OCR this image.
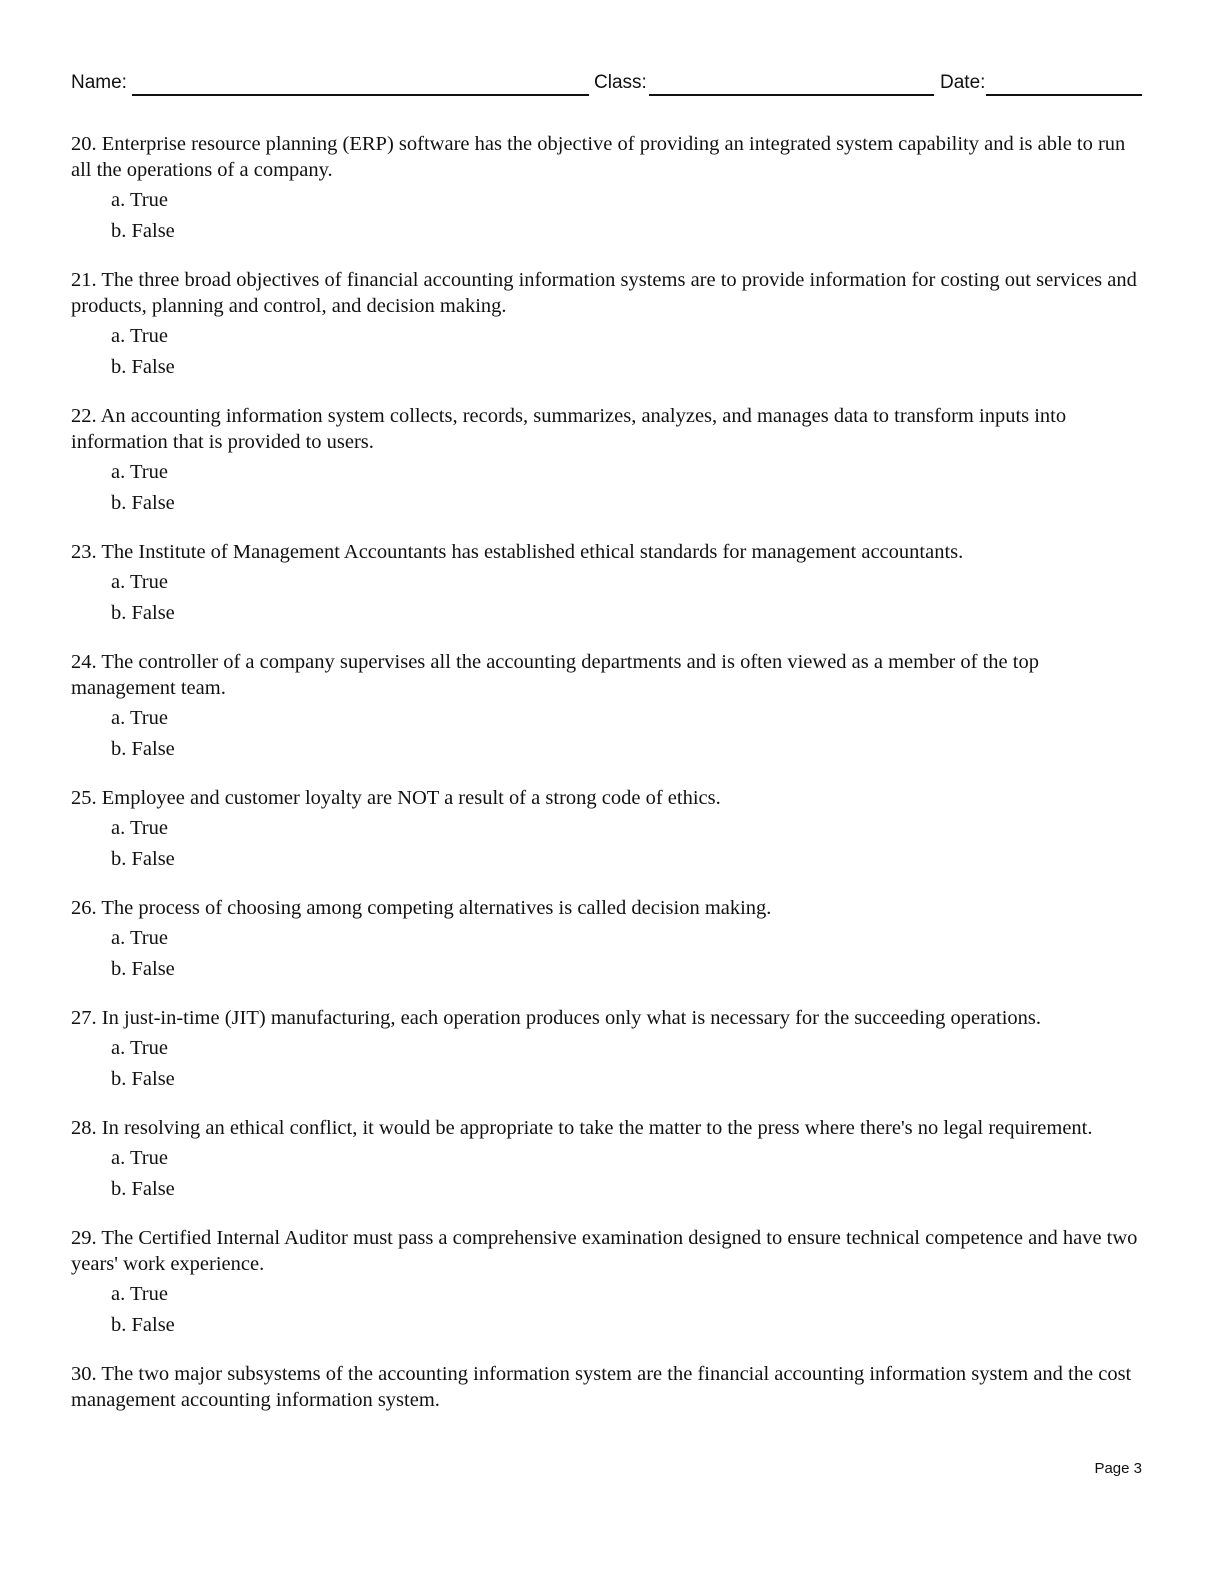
Name:	Class:	Date:

20. Enterprise resource planning (ERP) software has the objective of providing an integrated system capability and is able to run all the operations of a company.

a. True
b. False

21. The three broad objectives of financial accounting information systems are to provide information for costing out services and products, planning and control, and decision making.

a. True
b. False

22. An accounting information system collects, records, summarizes, analyzes, and manages data to transform inputs into information that is provided to users.

a. True
b. False

23. The Institute of Management Accountants has established ethical standards for management accountants.

a. True
b. False

24. The controller of a company supervises all the accounting departments and is often viewed as a member of the top management team.

a. True
b. False

25. Employee and customer loyalty are NOT a result of a strong code of ethics.

a. True
b. False

26. The process of choosing among competing alternatives is called decision making.

a. True
b. False

27. In just-in-time (JIT) manufacturing, each operation produces only what is necessary for the succeeding operations.

a. True
b. False

28. In resolving an ethical conflict, it would be appropriate to take the matter to the press where there's no legal requirement.

a. True
b. False

29. The Certified Internal Auditor must pass a comprehensive examination designed to ensure technical competence and have two years' work experience.

a. True
b. False

30. The two major subsystems of the accounting information system are the financial accounting information system and the cost management accounting information system.

Page 3
